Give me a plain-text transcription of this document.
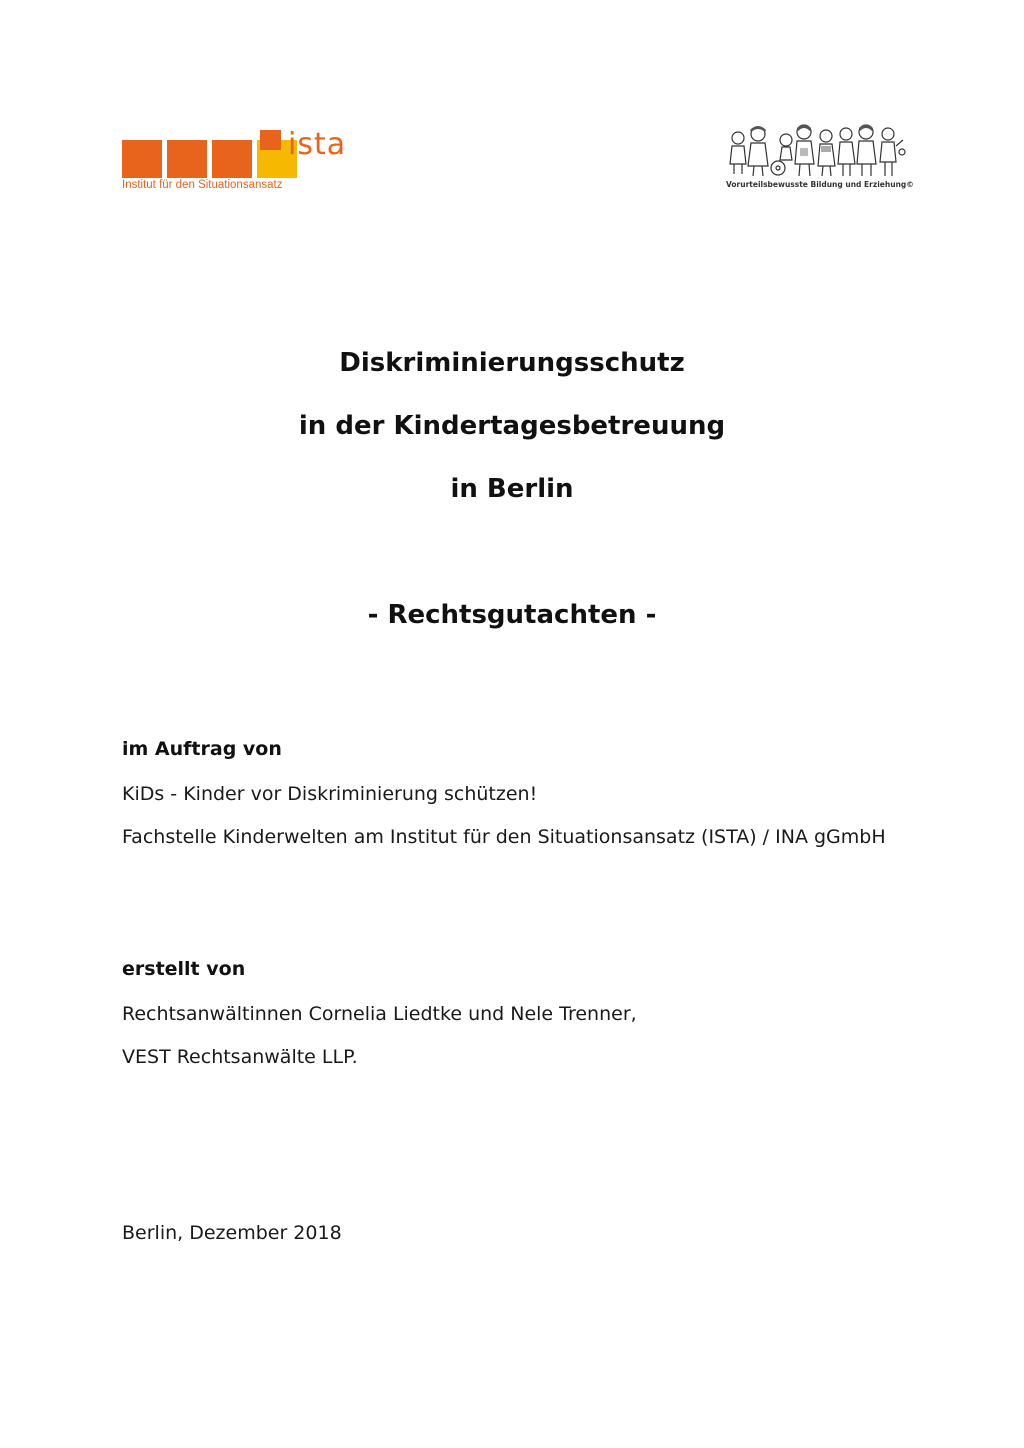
ista
Institut für den Situationsansatz	Vorurteilsbewusste Bildung und Erziehung©
Diskriminierungsschutz
in der Kindertagesbetreuung
in Berlin
- Rechtsgutachten -
im Auftrag von
KiDs - Kinder vor Diskriminierung schützen!
Fachstelle Kinderwelten am Institut für den Situationsansatz (ISTA) / INA gGmbH
erstellt von
Rechtsanwältinnen Cornelia Liedtke und Nele Trenner,
VEST Rechtsanwälte LLP.
Berlin, Dezember 2018
